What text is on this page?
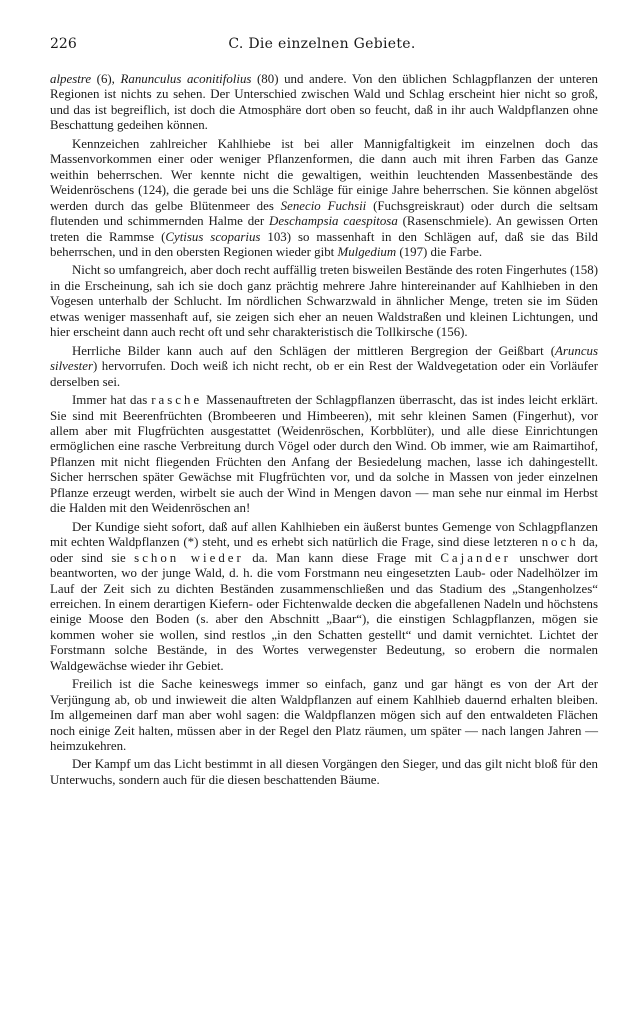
226	C. Die einzelnen Gebiete.

alpestre (6), Ranunculus aconitifolius (80) und andere. Von den üblichen Schlagpflanzen der unteren Regionen ist nichts zu sehen. Der Unterschied zwischen Wald und Schlag erscheint hier nicht so groß, und das ist begreiflich, ist doch die Atmosphäre dort oben so feucht, daß in ihr auch Waldpflanzen ohne Beschattung gedeihen können.

Kennzeichen zahlreicher Kahlhiebe ist bei aller Mannigfaltigkeit im einzelnen doch das Massenvorkommen einer oder weniger Pflanzenformen, die dann auch mit ihren Farben das Ganze weithin beherrschen. Wer kennte nicht die gewaltigen, weithin leuchtenden Massenbestände des Weidenröschens (124), die gerade bei uns die Schläge für einige Jahre beherrschen. Sie können abgelöst werden durch das gelbe Blütenmeer des Senecio Fuchsii (Fuchsgreiskraut) oder durch die seltsam flutenden und schimmernden Halme der Deschampsia caespitosa (Rasenschmiele). An gewissen Orten treten die Rammse (Cytisus scoparius 103) so massenhaft in den Schlägen auf, daß sie das Bild beherrschen, und in den obersten Regionen wieder gibt Mulgedium (197) die Farbe.

Nicht so umfangreich, aber doch recht auffällig treten bisweilen Bestände des roten Fingerhutes (158) in die Erscheinung, sah ich sie doch ganz prächtig mehrere Jahre hintereinander auf Kahlhieben in den Vogesen unterhalb der Schlucht. Im nördlichen Schwarzwald in ähnlicher Menge, treten sie im Süden etwas weniger massenhaft auf, sie zeigen sich eher an neuen Waldstraßen und kleinen Lichtungen, und hier erscheint dann auch recht oft und sehr charakteristisch die Tollkirsche (156).

Herrliche Bilder kann auch auf den Schlägen der mittleren Bergregion der Geißbart (Aruncus silvester) hervorrufen. Doch weiß ich nicht recht, ob er ein Rest der Waldvegetation oder ein Vorläufer derselben sei.

Immer hat das rasche Massenauftreten der Schlagpflanzen überrascht, das ist indes leicht erklärt. Sie sind mit Beerenfrüchten (Brombeeren und Himbeeren), mit sehr kleinen Samen (Fingerhut), vor allem aber mit Flugfrüchten ausgestattet (Weidenröschen, Korbblüter), und alle diese Einrichtungen ermöglichen eine rasche Verbreitung durch Vögel oder durch den Wind. Ob immer, wie am Raimartihof, Pflanzen mit nicht fliegenden Früchten den Anfang der Besiedelung machen, lasse ich dahingestellt. Sicher herrschen später Gewächse mit Flugfrüchten vor, und da solche in Massen von jeder einzelnen Pflanze erzeugt werden, wirbelt sie auch der Wind in Mengen davon — man sehe nur einmal im Herbst die Halden mit den Weidenröschen an!

Der Kundige sieht sofort, daß auf allen Kahlhieben ein äußerst buntes Gemenge von Schlagpflanzen mit echten Waldpflanzen (*) steht, und es erhebt sich natürlich die Frage, sind diese letzteren noch da, oder sind sie schon wieder da. Man kann diese Frage mit Cajander unschwer dort beantworten, wo der junge Wald, d. h. die vom Forstmann neu eingesetzten Laub- oder Nadelhölzer im Lauf der Zeit sich zu dichten Beständen zusammenschließen und das Stadium des „Stangenholzes“ erreichen. In einem derartigen Kiefern- oder Fichtenwalde decken die abgefallenen Nadeln und höchstens einige Moose den Boden (s. aber den Abschnitt „Baar“), die einstigen Schlagpflanzen, mögen sie kommen woher sie wollen, sind restlos „in den Schatten gestellt“ und damit vernichtet. Lichtet der Forstmann solche Bestände, in des Wortes verwegenster Bedeutung, so erobern die normalen Waldgewächse wieder ihr Gebiet.

Freilich ist die Sache keineswegs immer so einfach, ganz und gar hängt es von der Art der Verjüngung ab, ob und inwieweit die alten Waldpflanzen auf einem Kahlhieb dauernd erhalten bleiben. Im allgemeinen darf man aber wohl sagen: die Waldpflanzen mögen sich auf den entwaldeten Flächen noch einige Zeit halten, müssen aber in der Regel den Platz räumen, um später — nach langen Jahren — heimzukehren.

Der Kampf um das Licht bestimmt in all diesen Vorgängen den Sieger, und das gilt nicht bloß für den Unterwuchs, sondern auch für die diesen beschattenden Bäume.
